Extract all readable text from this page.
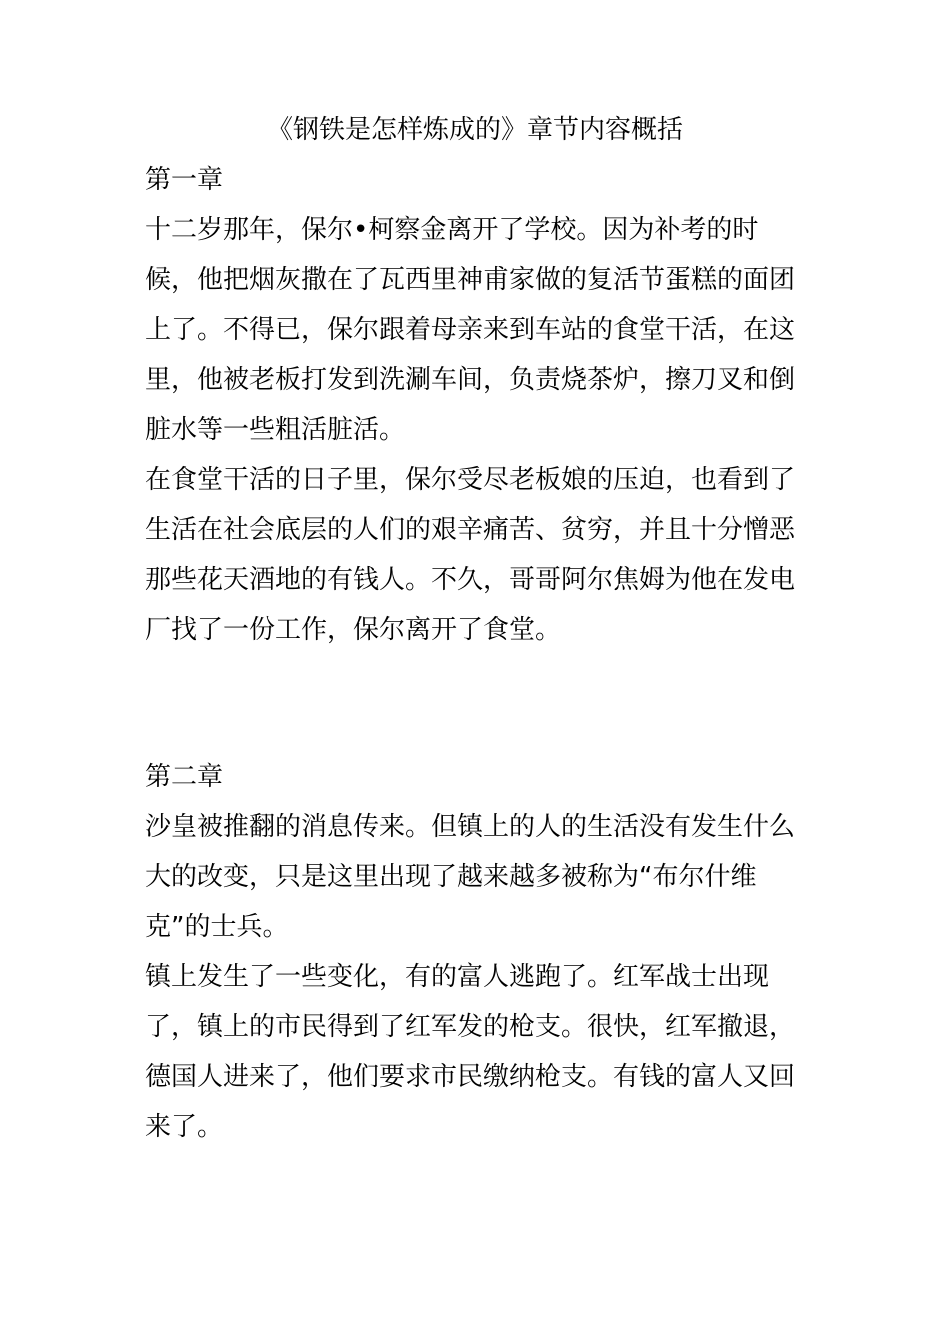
《钢铁是怎样炼成的》章节内容概括
第一章

十二岁那年，保尔•柯察金离开了学校。因为补考的时候，他把烟灰撒在了瓦西里神甫家做的复活节蛋糕的面团上了。不得已，保尔跟着母亲来到车站的食堂干活，在这里，他被老板打发到洗涮车间，负责烧茶炉，擦刀叉和倒脏水等一些粗活脏活。

在食堂干活的日子里，保尔受尽老板娘的压迫，也看到了生活在社会底层的人们的艰辛痛苦、贫穷，并且十分憎恶那些花天酒地的有钱人。不久，哥哥阿尔焦姆为他在发电厂找了一份工作，保尔离开了食堂。

第二章

沙皇被推翻的消息传来。但镇上的人的生活没有发生什么大的改变，只是这里出现了越来越多被称为“布尔什维克”的士兵。

镇上发生了一些变化，有的富人逃跑了。红军战士出现了，镇上的市民得到了红军发的枪支。很快，红军撤退，德国人进来了，他们要求市民缴纳枪支。有钱的富人又回来了。
